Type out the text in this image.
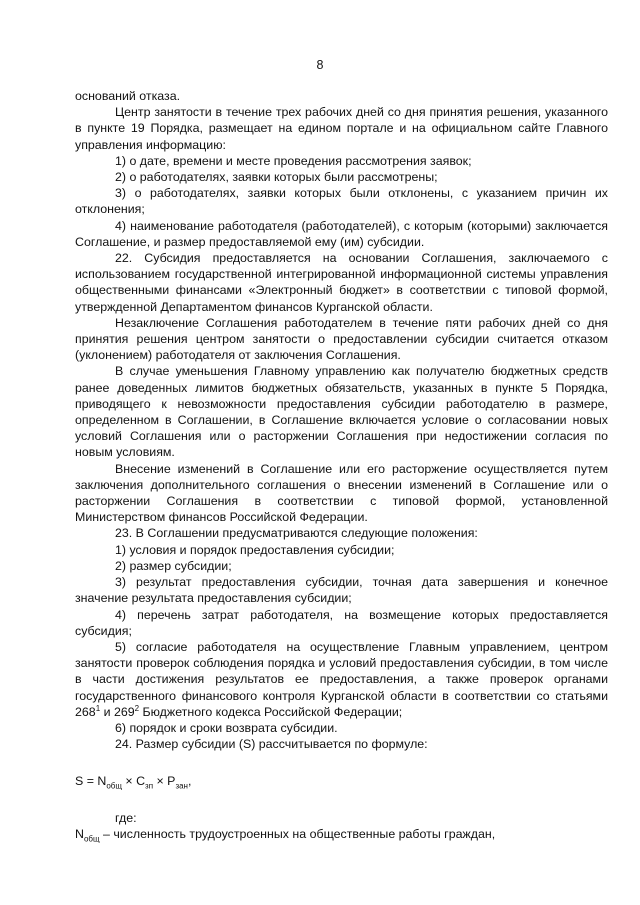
8

оснований отказа.

Центр занятости в течение трех рабочих дней со дня принятия решения, указанного в пункте 19 Порядка, размещает на едином портале и на официальном сайте Главного управления информацию:

1) о дате, времени и месте проведения рассмотрения заявок;

2) о работодателях, заявки которых были рассмотрены;

3) о работодателях, заявки которых были отклонены, с указанием причин их отклонения;

4) наименование работодателя (работодателей), с которым (которыми) заключается Соглашение, и размер предоставляемой ему (им) субсидии.

22. Субсидия предоставляется на основании Соглашения, заключаемого с использованием государственной интегрированной информационной системы управления общественными финансами «Электронный бюджет» в соответствии с типовой формой, утвержденной Департаментом финансов Курганской области.

Незаключение Соглашения работодателем в течение пяти рабочих дней со дня принятия решения центром занятости о предоставлении субсидии считается отказом (уклонением) работодателя от заключения Соглашения.

В случае уменьшения Главному управлению как получателю бюджетных средств ранее доведенных лимитов бюджетных обязательств, указанных в пункте 5 Порядка, приводящего к невозможности предоставления субсидии работодателю в размере, определенном в Соглашении, в Соглашение включается условие о согласовании новых условий Соглашения или о расторжении Соглашения при недостижении согласия по новым условиям.

Внесение изменений в Соглашение или его расторжение осуществляется путем заключения дополнительного соглашения о внесении изменений в Соглашение или о расторжении Соглашения в соответствии с типовой формой, установленной Министерством финансов Российской Федерации.

23. В Соглашении предусматриваются следующие положения:

1) условия и порядок предоставления субсидии;

2) размер субсидии;

3) результат предоставления субсидии, точная дата завершения и конечное значение результата предоставления субсидии;

4) перечень затрат работодателя, на возмещение которых предоставляется субсидия;

5) согласие работодателя на осуществление Главным управлением, центром занятости проверок соблюдения порядка и условий предоставления субсидии, в том числе в части достижения результатов ее предоставления, а также проверок органами государственного финансового контроля Курганской области в соответствии со статьями $268^1$ и $269^2$ Бюджетного кодекса Российской Федерации;

6) порядок и сроки возврата субсидии.

24. Размер субсидии (S) рассчитывается по формуле:

$S = N_{общ} \times С_{зп} \times Р_{зан}$,

где:

$N_{общ}$ – численность трудоустроенных на общественные работы граждан,
